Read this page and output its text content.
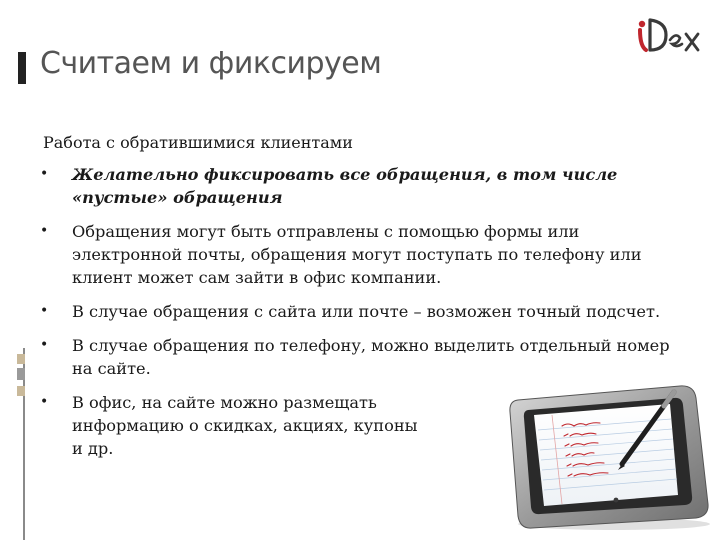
Считаем и фиксируем
Работа с обратившимися клиентами
• Желательно фиксировать все обращения, в том числе «пустые» обращения
• Обращения могут быть отправлены с помощью формы или электронной почты, обращения могут поступать по телефону или клиент может сам зайти в офис компании.
• В случае обращения с сайта или почте – возможен точный подсчет.
• В случае обращения по телефону, можно выделить отдельный номер на сайте.
• В офис, на сайте можно размещать информацию о скидках, акциях, купоны и др.
